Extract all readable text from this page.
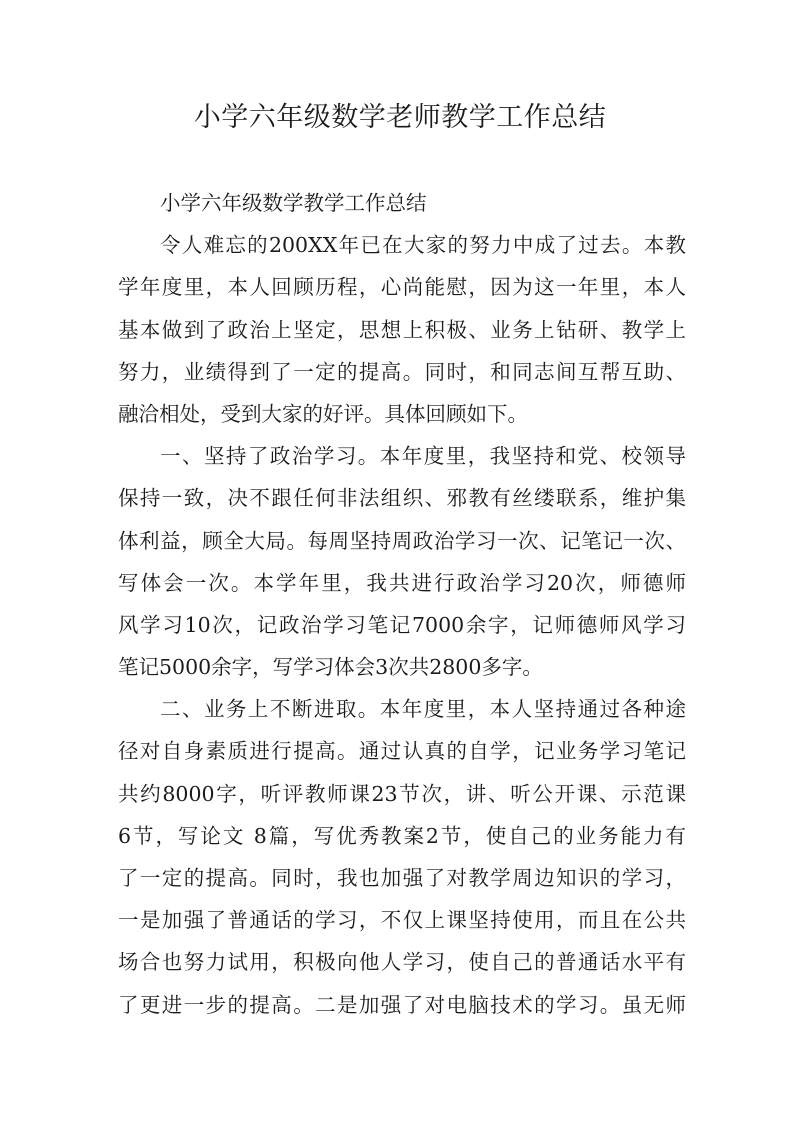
小学六年级数学老师教学工作总结
小学六年级数学教学工作总结
令人难忘的200XX年已在大家的努力中成了过去。本教
学年度里，本人回顾历程，心尚能慰，因为这一年里，本人
基本做到了政治上坚定，思想上积极、业务上钻研、教学上
努力，业绩得到了一定的提高。同时，和同志间互帮互助、
融洽相处，受到大家的好评。具体回顾如下。
一、坚持了政治学习。本年度里，我坚持和党、校领导
保持一致，决不跟任何非法组织、邪教有丝缕联系，维护集
体利益，顾全大局。每周坚持周政治学习一次、记笔记一次、
写体会一次。本学年里，我共进行政治学习20次，师德师
风学习10次，记政治学习笔记7000余字，记师德师风学习
笔记5000余字，写学习体会3次共2800多字。
二、业务上不断进取。本年度里，本人坚持通过各种途
径对自身素质进行提高。通过认真的自学，记业务学习笔记
共约8000字，听评教师课23节次，讲、听公开课、示范课
6节，写论文 8篇，写优秀教案2节，使自己的业务能力有
了一定的提高。同时，我也加强了对教学周边知识的学习，
一是加强了普通话的学习，不仅上课坚持使用，而且在公共
场合也努力试用，积极向他人学习，使自己的普通话水平有
了更进一步的提高。二是加强了对电脑技术的学习。虽无师
